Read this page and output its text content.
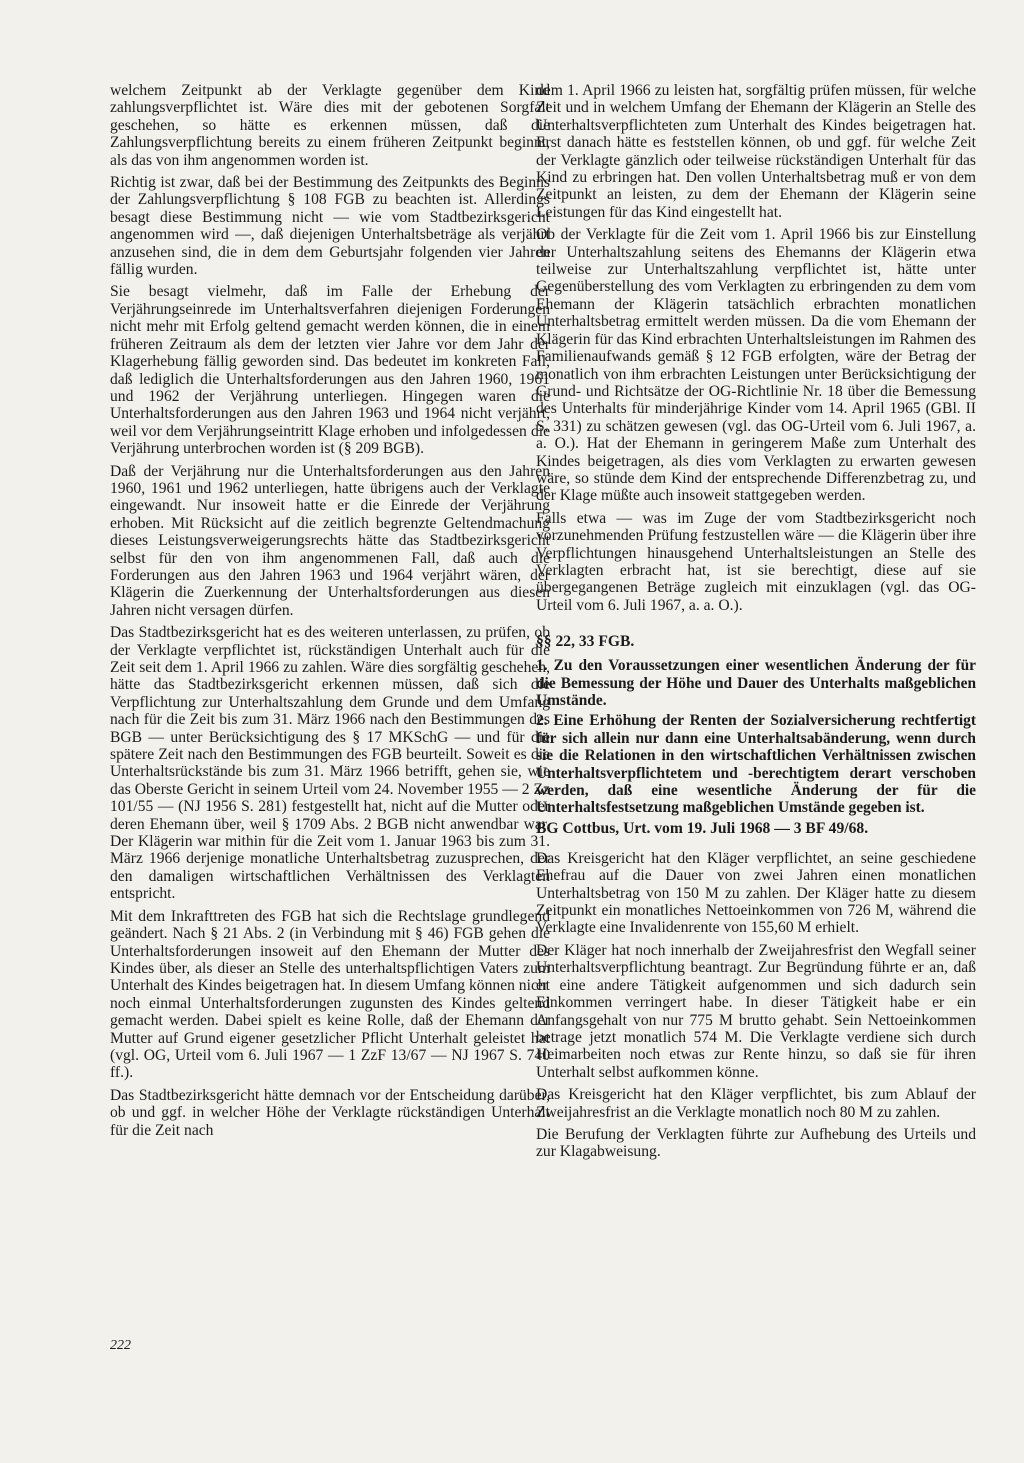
welchem Zeitpunkt ab der Verklagte gegenüber dem Kind zahlungsverpflichtet ist. Wäre dies mit der gebotenen Sorgfalt geschehen, so hätte es erkennen müssen, daß die Zahlungsverpflichtung bereits zu einem früheren Zeitpunkt beginnt, als das von ihm angenommen worden ist.

Richtig ist zwar, daß bei der Bestimmung des Zeitpunkts des Beginns der Zahlungsverpflichtung § 108 FGB zu beachten ist. Allerdings besagt diese Bestimmung nicht — wie vom Stadtbezirksgericht angenommen wird —, daß diejenigen Unterhaltsbeträge als verjährt anzusehen sind, die in dem dem Geburtsjahr folgenden vier Jahren fällig wurden.

Sie besagt vielmehr, daß im Falle der Erhebung der Verjährungseinrede im Unterhaltsverfahren diejenigen Forderungen nicht mehr mit Erfolg geltend gemacht werden können, die in einem früheren Zeitraum als dem der letzten vier Jahre vor dem Jahr der Klagerhebung fällig geworden sind. Das bedeutet im konkreten Fall, daß lediglich die Unterhaltsforderungen aus den Jahren 1960, 1961 und 1962 der Verjährung unterliegen. Hingegen waren die Unterhaltsforderungen aus den Jahren 1963 und 1964 nicht verjährt, weil vor dem Verjährungseintritt Klage erhoben und infolgedessen die Verjährung unterbrochen worden ist (§ 209 BGB).

Daß der Verjährung nur die Unterhaltsforderungen aus den Jahren 1960, 1961 und 1962 unterliegen, hatte übrigens auch der Verklagte eingewandt. Nur insoweit hatte er die Einrede der Verjährung erhoben. Mit Rücksicht auf die zeitlich begrenzte Geltendmachung dieses Leistungsverweigerungsrechts hätte das Stadtbezirksgericht selbst für den von ihm angenommenen Fall, daß auch die Forderungen aus den Jahren 1963 und 1964 verjährt wären, der Klägerin die Zuerkennung der Unterhaltsforderungen aus diesen Jahren nicht versagen dürfen.

Das Stadtbezirksgericht hat es des weiteren unterlassen, zu prüfen, ob der Verklagte verpflichtet ist, rückständigen Unterhalt auch für die Zeit seit dem 1. April 1966 zu zahlen. Wäre dies sorgfältig geschehen, hätte das Stadtbezirksgericht erkennen müssen, daß sich die Verpflichtung zur Unterhaltszahlung dem Grunde und dem Umfang nach für die Zeit bis zum 31. März 1966 nach den Bestimmungen des BGB — unter Berücksichtigung des § 17 MKSchG — und für die spätere Zeit nach den Bestimmungen des FGB beurteilt. Soweit es die Unterhaltsrückstände bis zum 31. März 1966 betrifft, gehen sie, wie das Oberste Gericht in seinem Urteil vom 24. November 1955 — 2 Zz 101/55 — (NJ 1956 S. 281) festgestellt hat, nicht auf die Mutter oder deren Ehemann über, weil § 1709 Abs. 2 BGB nicht anwendbar war. Der Klägerin war mithin für die Zeit vom 1. Januar 1963 bis zum 31. März 1966 derjenige monatliche Unterhaltsbetrag zuzusprechen, der den damaligen wirtschaftlichen Verhältnissen des Verklagten entspricht.

Mit dem Inkrafttreten des FGB hat sich die Rechtslage grundlegend geändert. Nach § 21 Abs. 2 (in Verbindung mit § 46) FGB gehen die Unterhaltsforderungen insoweit auf den Ehemann der Mutter des Kindes über, als dieser an Stelle des unterhaltspflichtigen Vaters zum Unterhalt des Kindes beigetragen hat. In diesem Umfang können nicht noch einmal Unterhaltsforderungen zugunsten des Kindes geltend gemacht werden. Dabei spielt es keine Rolle, daß der Ehemann der Mutter auf Grund eigener gesetzlicher Pflicht Unterhalt geleistet hat (vgl. OG, Urteil vom 6. Juli 1967 — 1 ZzF 13/67 — NJ 1967 S. 740 ff.).

Das Stadtbezirksgericht hätte demnach vor der Entscheidung darüber, ob und ggf. in welcher Höhe der Verklagte rückständigen Unterhalt für die Zeit nach

dem 1. April 1966 zu leisten hat, sorgfältig prüfen müssen, für welche Zeit und in welchem Umfang der Ehemann der Klägerin an Stelle des Unterhaltsverpflichteten zum Unterhalt des Kindes beigetragen hat. Erst danach hätte es feststellen können, ob und ggf. für welche Zeit der Verklagte gänzlich oder teilweise rückständigen Unterhalt für das Kind zu erbringen hat. Den vollen Unterhaltsbetrag muß er von dem Zeitpunkt an leisten, zu dem der Ehemann der Klägerin seine Leistungen für das Kind eingestellt hat.

Ob der Verklagte für die Zeit vom 1. April 1966 bis zur Einstellung der Unterhaltszahlung seitens des Ehemanns der Klägerin etwa teilweise zur Unterhaltszahlung verpflichtet ist, hätte unter Gegenüberstellung des vom Verklagten zu erbringenden zu dem vom Ehemann der Klägerin tatsächlich erbrachten monatlichen Unterhaltsbetrag ermittelt werden müssen. Da die vom Ehemann der Klägerin für das Kind erbrachten Unterhaltsleistungen im Rahmen des Familienaufwands gemäß § 12 FGB erfolgten, wäre der Betrag der monatlich von ihm erbrachten Leistungen unter Berücksichtigung der Grund- und Richtsätze der OG-Richtlinie Nr. 18 über die Bemessung des Unterhalts für minderjährige Kinder vom 14. April 1965 (GBl. II S. 331) zu schätzen gewesen (vgl. das OG-Urteil vom 6. Juli 1967, a. a. O.). Hat der Ehemann in geringerem Maße zum Unterhalt des Kindes beigetragen, als dies vom Verklagten zu erwarten gewesen wäre, so stünde dem Kind der entsprechende Differenzbetrag zu, und der Klage müßte auch insoweit stattgegeben werden.

Falls etwa — was im Zuge der vom Stadtbezirksgericht noch vorzunehmenden Prüfung festzustellen wäre — die Klägerin über ihre Verpflichtungen hinausgehend Unterhaltsleistungen an Stelle des Verklagten erbracht hat, ist sie berechtigt, diese auf sie übergegangenen Beträge zugleich mit einzuklagen (vgl. das OG-Urteil vom 6. Juli 1967, a. a. O.).

§§ 22, 33 FGB.

1. Zu den Voraussetzungen einer wesentlichen Änderung der für die Bemessung der Höhe und Dauer des Unterhalts maßgeblichen Umstände.

2. Eine Erhöhung der Renten der Sozialversicherung rechtfertigt für sich allein nur dann eine Unterhaltsabänderung, wenn durch sie die Relationen in den wirtschaftlichen Verhältnissen zwischen Unterhaltsverpflichtetem und -berechtigtem derart verschoben werden, daß eine wesentliche Änderung der für die Unterhaltsfestsetzung maßgeblichen Umstände gegeben ist.

BG Cottbus, Urt. vom 19. Juli 1968 — 3 BF 49/68.

Das Kreisgericht hat den Kläger verpflichtet, an seine geschiedene Ehefrau auf die Dauer von zwei Jahren einen monatlichen Unterhaltsbetrag von 150 M zu zahlen. Der Kläger hatte zu diesem Zeitpunkt ein monatliches Nettoeinkommen von 726 M, während die Verklagte eine Invalidenrente von 155,60 M erhielt.

Der Kläger hat noch innerhalb der Zweijahresfrist den Wegfall seiner Unterhaltsverpflichtung beantragt. Zur Begründung führte er an, daß er eine andere Tätigkeit aufgenommen und sich dadurch sein Einkommen verringert habe. In dieser Tätigkeit habe er ein Anfangsgehalt von nur 775 M brutto gehabt. Sein Nettoeinkommen betrage jetzt monatlich 574 M. Die Verklagte verdiene sich durch Heimarbeiten noch etwas zur Rente hinzu, so daß sie für ihren Unterhalt selbst aufkommen könne.

Das Kreisgericht hat den Kläger verpflichtet, bis zum Ablauf der Zweijahresfrist an die Verklagte monatlich noch 80 M zu zahlen.

Die Berufung der Verklagten führte zur Aufhebung des Urteils und zur Klagabweisung.

222
